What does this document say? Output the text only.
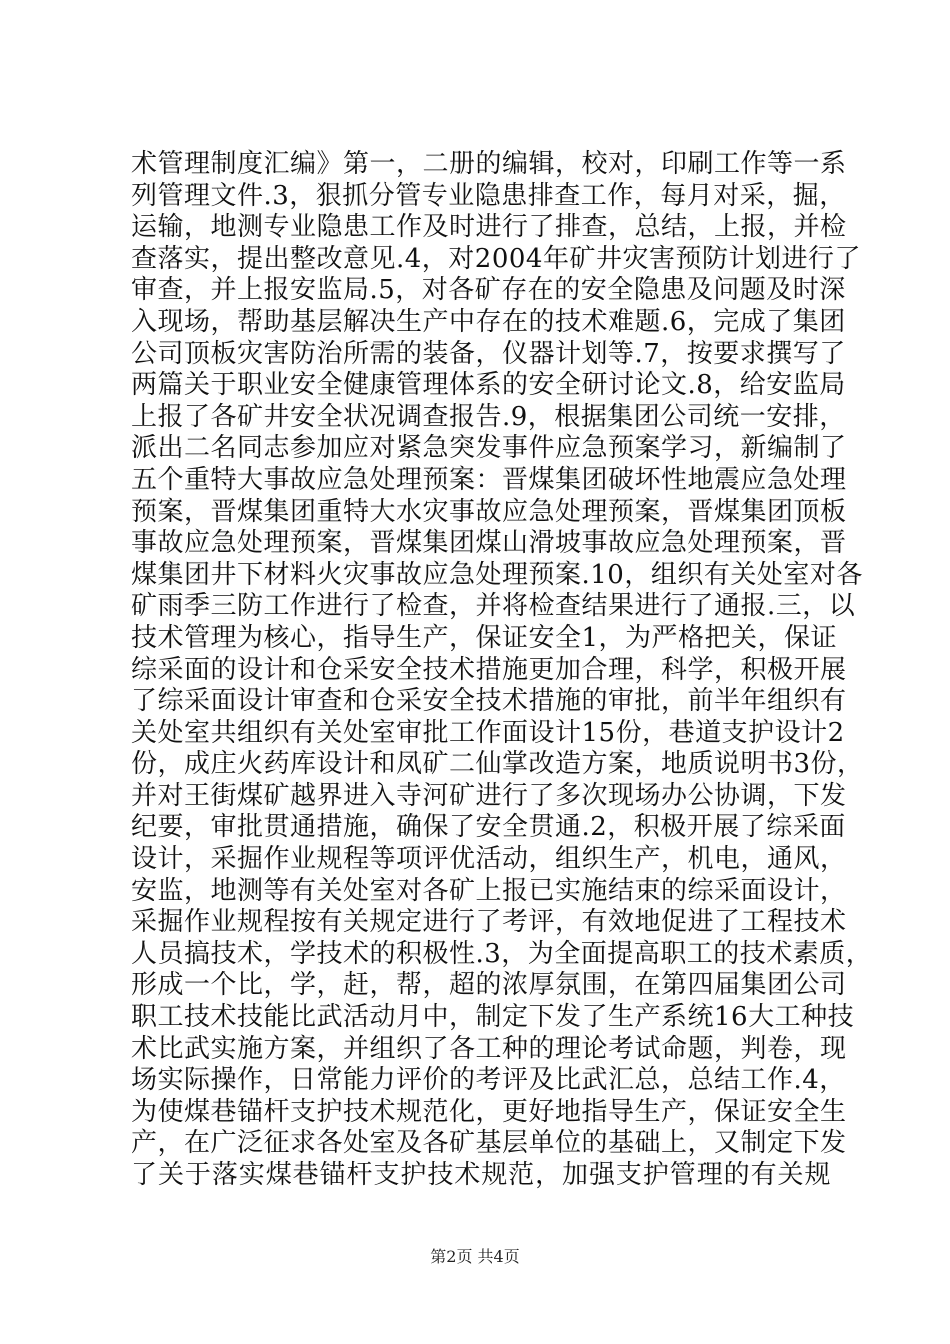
术管理制度汇编》第一，二册的编辑，校对，印刷工作等一系
列管理文件.3，狠抓分管专业隐患排查工作，每月对采，掘，
运输，地测专业隐患工作及时进行了排查，总结，上报，并检
查落实，提出整改意见.4，对2004年矿井灾害预防计划进行了
审查，并上报安监局.5，对各矿存在的安全隐患及问题及时深
入现场，帮助基层解决生产中存在的技术难题.6，完成了集团
公司顶板灾害防治所需的装备，仪器计划等.7，按要求撰写了
两篇关于职业安全健康管理体系的安全研讨论文.8，给安监局
上报了各矿井安全状况调查报告.9，根据集团公司统一安排，
派出二名同志参加应对紧急突发事件应急预案学习，新编制了
五个重特大事故应急处理预案：晋煤集团破坏性地震应急处理
预案，晋煤集团重特大水灾事故应急处理预案，晋煤集团顶板
事故应急处理预案，晋煤集团煤山滑坡事故应急处理预案，晋
煤集团井下材料火灾事故应急处理预案.10，组织有关处室对各
矿雨季三防工作进行了检查，并将检查结果进行了通报.三，以
技术管理为核心，指导生产，保证安全1，为严格把关，保证
综采面的设计和仓采安全技术措施更加合理，科学，积极开展
了综采面设计审查和仓采安全技术措施的审批，前半年组织有
关处室共组织有关处室审批工作面设计15份，巷道支护设计2
份，成庄火药库设计和凤矿二仙掌改造方案，地质说明书3份，
并对王街煤矿越界进入寺河矿进行了多次现场办公协调，下发
纪要，审批贯通措施，确保了安全贯通.2，积极开展了综采面
设计，采掘作业规程等项评优活动，组织生产，机电，通风，
安监，地测等有关处室对各矿上报已实施结束的综采面设计，
采掘作业规程按有关规定进行了考评，有效地促进了工程技术
人员搞技术，学技术的积极性.3，为全面提高职工的技术素质，
形成一个比，学，赶，帮，超的浓厚氛围，在第四届集团公司
职工技术技能比武活动月中，制定下发了生产系统16大工种技
术比武实施方案，并组织了各工种的理论考试命题，判卷，现
场实际操作，日常能力评价的考评及比武汇总，总结工作.4，
为使煤巷锚杆支护技术规范化，更好地指导生产，保证安全生
产，在广泛征求各处室及各矿基层单位的基础上，又制定下发
了关于落实煤巷锚杆支护技术规范，加强支护管理的有关规
第2页 共4页
